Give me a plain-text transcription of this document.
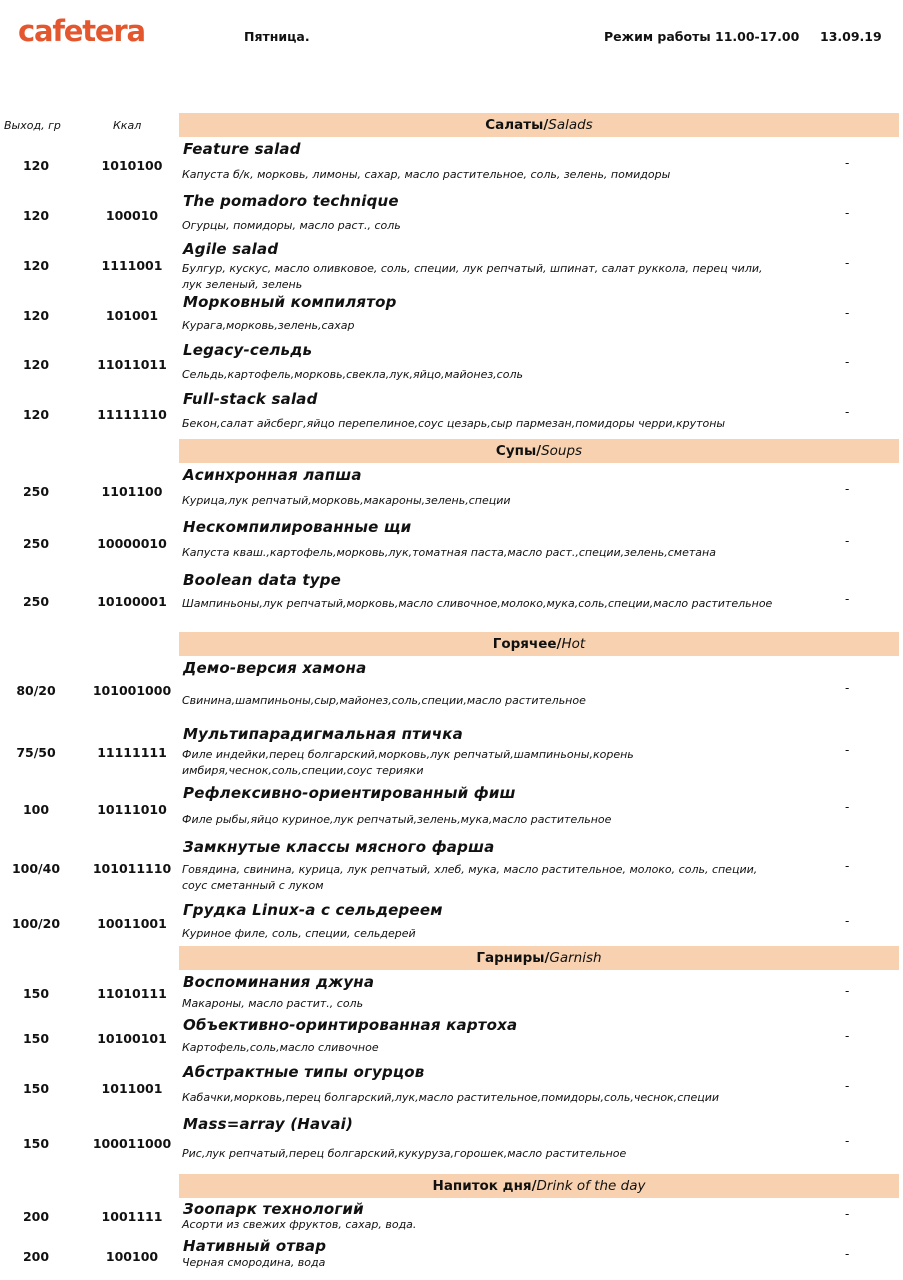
cafetera	Пятница.	Режим работы 11.00-17.00 13.09.19
Выход, гр	Ккал	Салаты/ Salads
120	1010100
Feature salad
Капуста б/к, морковь, лимоны, сахар, масло растительное, соль, зелень, помидоры
-
120	100010
The pomadoro technique
Огурцы, помидоры, масло раст., соль
-
120	1111001
Agile salad
Булгур, кускус, масло оливковое, соль, специи, лук репчатый, шпинат, салат руккола, перец чили, лук зеленый, зелень
-
120	101001
Морковный компилятор
Курага,морковь,зелень,сахар
-
120	11011011
Legacy-сельдь
Сельдь,картофель,морковь,свекла,лук,яйцо,майонез,соль
-
120	11111110
Full-stack salad
Бекон,салат айсберг,яйцо перепелиное,соус цезарь,сыр пармезан,помидоры черри,крутоны
-
Супы/ Soups
250	1101100
Асинхронная лапша
Курица,лук репчатый,морковь,макароны,зелень,специи
-
250	10000010
Нескомпилированные щи
Капуста кваш.,картофель,морковь,лук,томатная паста,масло раст.,специи,зелень,сметана
-
250	10100001
Boolean data type
Шампиньоны,лук репчатый,морковь,масло сливочное,молоко,мука,соль,специи,масло растительное	-
Горячее/ Hot
80/20	101001000
Демо-версия хамона
Свинина,шампиньоны,сыр,майонез,соль,специи,масло растительное
-
75/50	11111111
Мультипарадигмальная птичка
Филе индейки,перец болгарский,морковь,лук репчатый,шампиньоны,корень имбиря,чеснок,соль,специи,соус терияки
-
100	10111010
Рефлексивно-ориентированный фиш
Филе рыбы,яйцо куриное,лук репчатый,зелень,мука,масло растительное
-
100/40	101011110
Замкнутые классы мясного фарша
Говядина, свинина, курица, лук репчатый, хлеб, мука, масло растительное, молоко, соль, специи, соус сметанный с луком
-
100/20	10011001
Грудка Linux-а с сельдереем
Куриное филе, соль, специи, сельдерей
-
Гарниры/ Garnish
150	11010111
Воспоминания джуна
Макароны, масло растит., соль
-
150	10100101
Объективно-оринтированная картоха
Картофель,соль,масло сливочное
-
150	1011001
Абстрактные типы огурцов
Кабачки,морковь,перец болгарский,лук,масло растительное,помидоры,соль,чеснок,специи
-
150	100011000
Mass=array (Havai)
Рис,лук репчатый,перец болгарский,кукуруза,горошек,масло растительное
-
Напиток дня/ Drink of the day
200	1001111	Зоопарк технологий
Асорти из свежих фруктов, сахар, вода.
-
200	100100
Нативный отвар
Черная смородина, вода
-
